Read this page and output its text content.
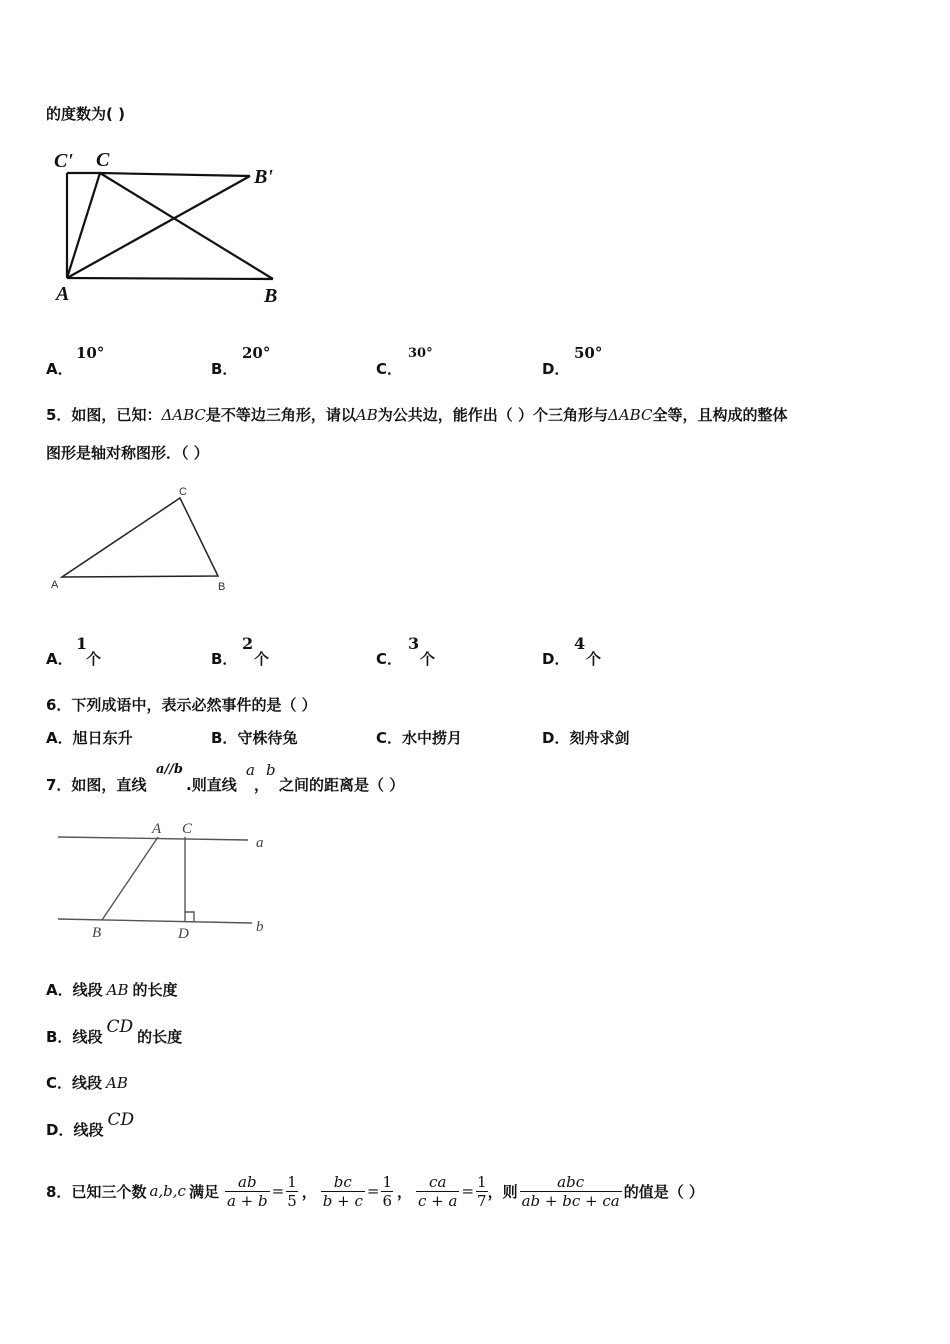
的度数为( )
C' C
B'
A	B
A．
10°
B．
20°
C．
30°
D．
50°
5．如图，已知：ΔABC是不等边三角形，请以AB为公共边，能作出（ ）个三角形与ΔABC全等，且构成的整体
图形是轴对称图形．（ ）
A	B
C
A．
1
个	B．
2
个	C．
3
个	D．
4
个
6．下列成语中，表示必然事件的是（ ）
A．旭日东升	B．守株待兔	C．水中捞月	D．刻舟求剑
7．如图，直线
a//b
.则直线
a
，
b
之间的距离是（ ）
A C
a
B	D	b
A．线段 AB 的长度
B．线段 CD 的长度
C．线段 AB
D．线段 CD
8．已知三个数 a,b,c 满足 $\frac{ab}{a + b} = \frac{1}{5}$ ， $\frac{bc}{b + c} = \frac{1}{6}$ ， $\frac{ca}{c + a} = \frac{1}{7}$ ，则 $\frac{\text{abc}}{ab + bc + ca}$ 的值是（ ）
